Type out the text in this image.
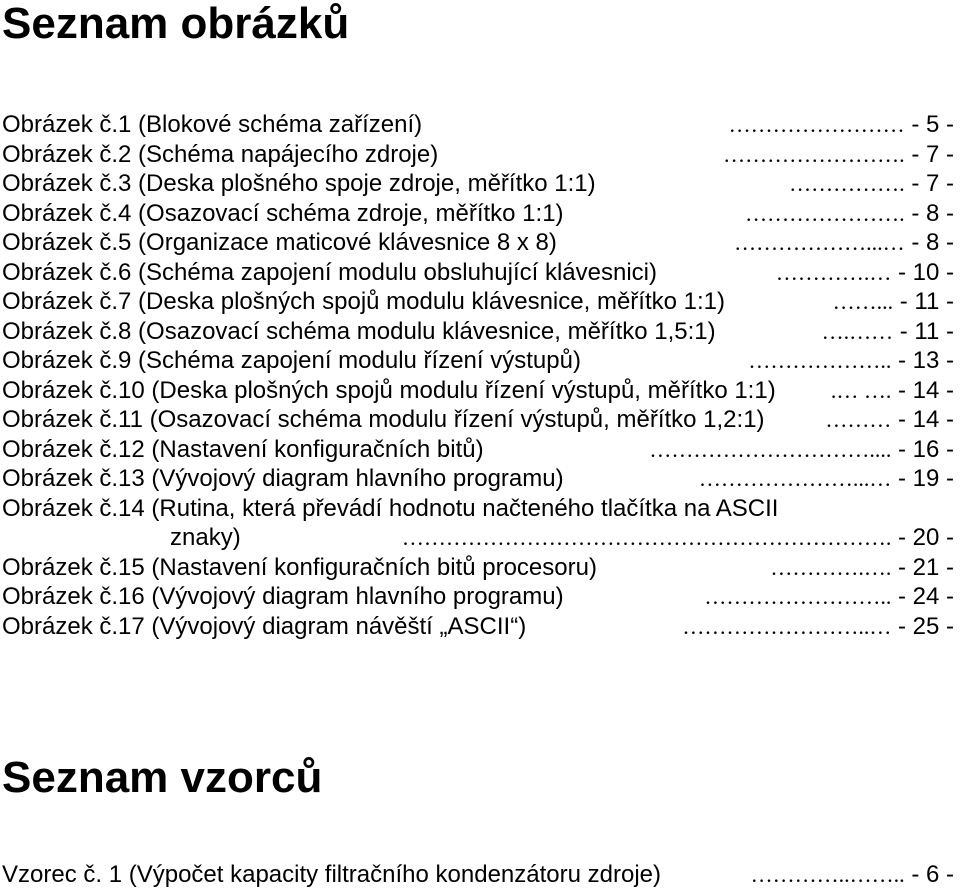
Seznam obrázků
Obrázek č.1 (Blokové schéma zařízení)	…………………… - 5 -
Obrázek č.2 (Schéma napájecího zdroje)	……………………. - 7 -
Obrázek č.3 (Deska plošného spoje zdroje, měřítko 1:1)	……………. - 7 -
Obrázek č.4 (Osazovací schéma zdroje, měřítko 1:1)	…………………. - 8 -
Obrázek č.5 (Organizace maticové klávesnice 8 x 8)	………………...… - 8 -
Obrázek č.6 (Schéma zapojení modulu obsluhující klávesnici)	………….… - 10 -
Obrázek č.7 (Deska plošných spojů modulu klávesnice, měřítko 1:1)	……... - 11 -
Obrázek č.8 (Osazovací schéma modulu klávesnice, měřítko 1,5:1)	….…… - 11 -
Obrázek č.9 (Schéma zapojení modulu řízení výstupů)	……………….. - 13 -
Obrázek č.10 (Deska plošných spojů modulu řízení výstupů, měřítko 1:1)	.… …. - 14 -
Obrázek č.11 (Osazovací schéma modulu řízení výstupů, měřítko 1,2:1)	……… - 14 -
Obrázek č.12 (Nastavení konfiguračních bitů)	………………………….... - 16 -
Obrázek č.13 (Vývojový diagram hlavního programu)	…………………...… - 19 -
Obrázek č.14 (Rutina, která převádí hodnotu načteného tlačítka na ASCII
znaky)	…………………………………………………………. - 20 -
Obrázek č.15 (Nastavení konfiguračních bitů procesoru)	………….…. - 21 -
Obrázek č.16 (Vývojový diagram hlavního programu)	…………………….. - 24 -
Obrázek č.17 (Vývojový diagram návěští „ASCII“)	……………………..… - 25 -
Seznam vzorců
Vzorec č. 1 (Výpočet kapacity filtračního kondenzátoru zdroje)	…………..…….. - 6 -
